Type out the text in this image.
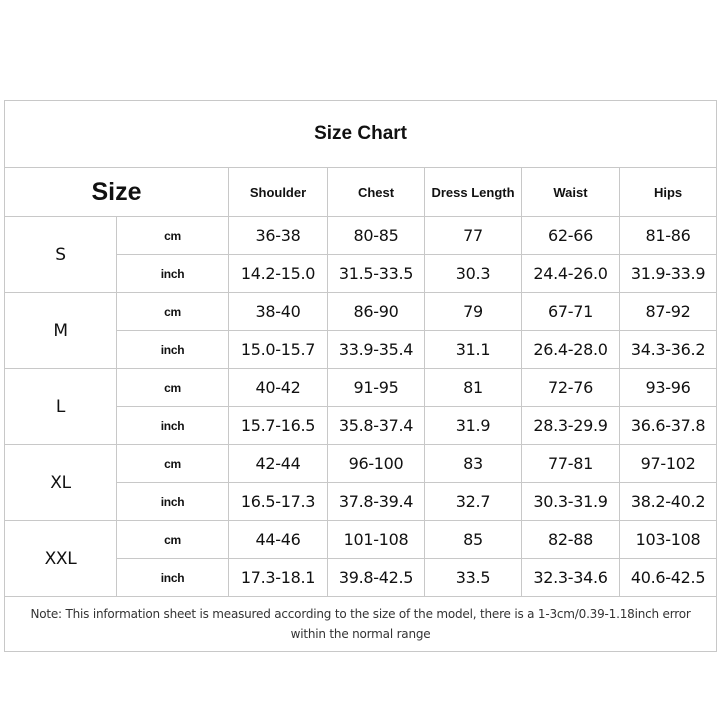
Size Chart						
Size		Shoulder	Chest	Dress Length	Waist	Hips
S	cm	36-38	80-85	77	62-66	81-86
	inch	14.2-15.0	31.5-33.5	30.3	24.4-26.0	31.9-33.9
M	cm	38-40	86-90	79	67-71	87-92
	inch	15.0-15.7	33.9-35.4	31.1	26.4-28.0	34.3-36.2
L	cm	40-42	91-95	81	72-76	93-96
	inch	15.7-16.5	35.8-37.4	31.9	28.3-29.9	36.6-37.8
XL	cm	42-44	96-100	83	77-81	97-102
	inch	16.5-17.3	37.8-39.4	32.7	30.3-31.9	38.2-40.2
XXL	cm	44-46	101-108	85	82-88	103-108
	inch	17.3-18.1	39.8-42.5	33.5	32.3-34.6	40.6-42.5
Note: This information sheet is measured according to the size of the model, there is a 1-3cm/0.39-1.18inch error within the normal range						
